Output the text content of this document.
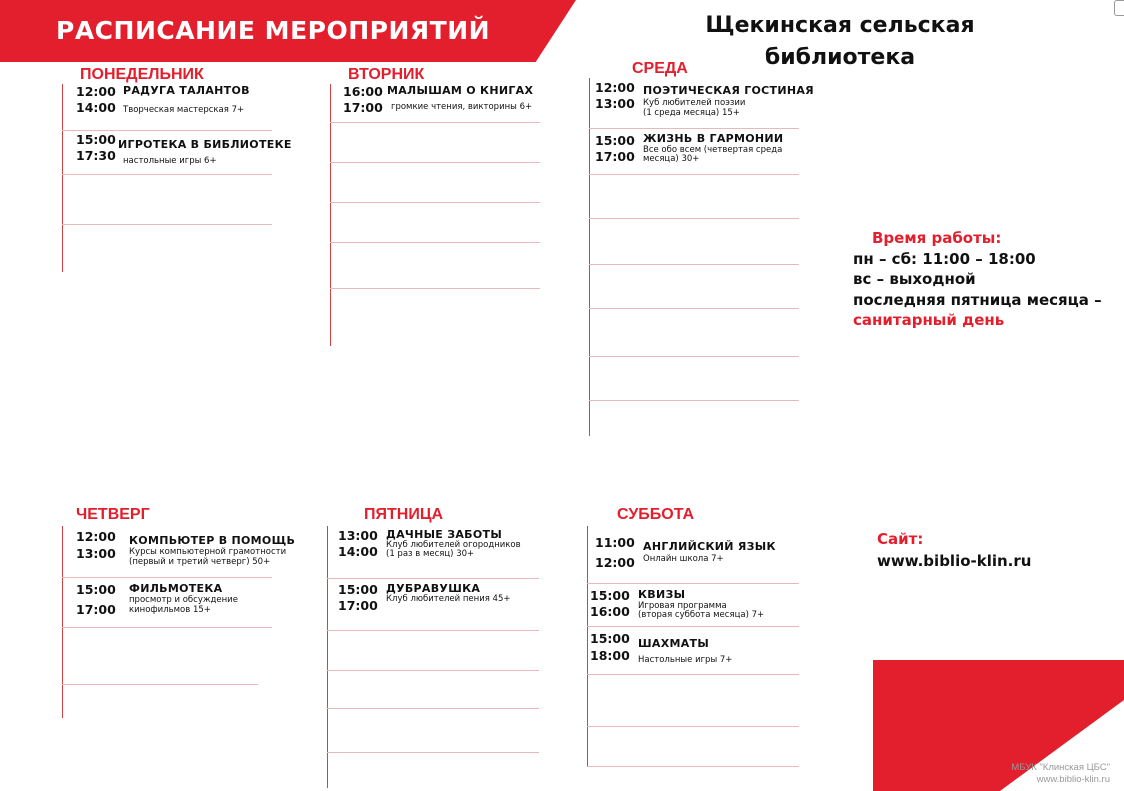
РАСПИСАНИЕ МЕРОПРИЯТИЙ	Щекинская сельская
библиотека
ПОНЕДЕЛЬНИК
12:00
14:00
РАДУГА ТАЛАНТОВ
Творческая мастерская 7+
15:00
17:30
ИГРОТЕКА В БИБЛИОТЕКЕ
настольные игры 6+
ВТОРНИК
16:00
17:00
МАЛЫШАМ О КНИГАХ
громкие чтения, викторины 6+
СРЕДА
12:00
13:00
ПОЭТИЧЕСКАЯ ГОСТИНАЯ
Куб любителей поэзии
(1 среда месяца) 15+
15:00
17:00
ЖИЗНЬ В ГАРМОНИИ
Все обо всем (четвертая среда
месяца) 30+
ЧЕТВЕРГ
12:00
13:00
КОМПЬЮТЕР В ПОМОЩЬ
Курсы компьютерной грамотности
(первый и третий четверг) 50+
15:00
17:00
ФИЛЬМОТЕКА
просмотр и обсуждение
кинофильмов 15+
ПЯТНИЦА
13:00
14:00
ДАЧНЫЕ ЗАБОТЫ
Клуб любителей огородников
(1 раз в месяц) 30+
15:00
17:00
ДУБРАВУШКА
Клуб любителей пения 45+
СУББОТА
11:00
12:00
АНГЛИЙСКИЙ ЯЗЫК
Онлайн школа 7+
15:00
16:00
КВИЗЫ
Игровая программа
(вторая суббота месяца) 7+
15:00
18:00
ШАХМАТЫ
Настольные игры 7+
Время работы:
пн – сб: 11:00 – 18:00
вс – выходной
последняя пятница месяца –
санитарный день
Сайт:
www.biblio-klin.ru
МБУК "Клинская ЦБС"
www.biblio-klin.ru
